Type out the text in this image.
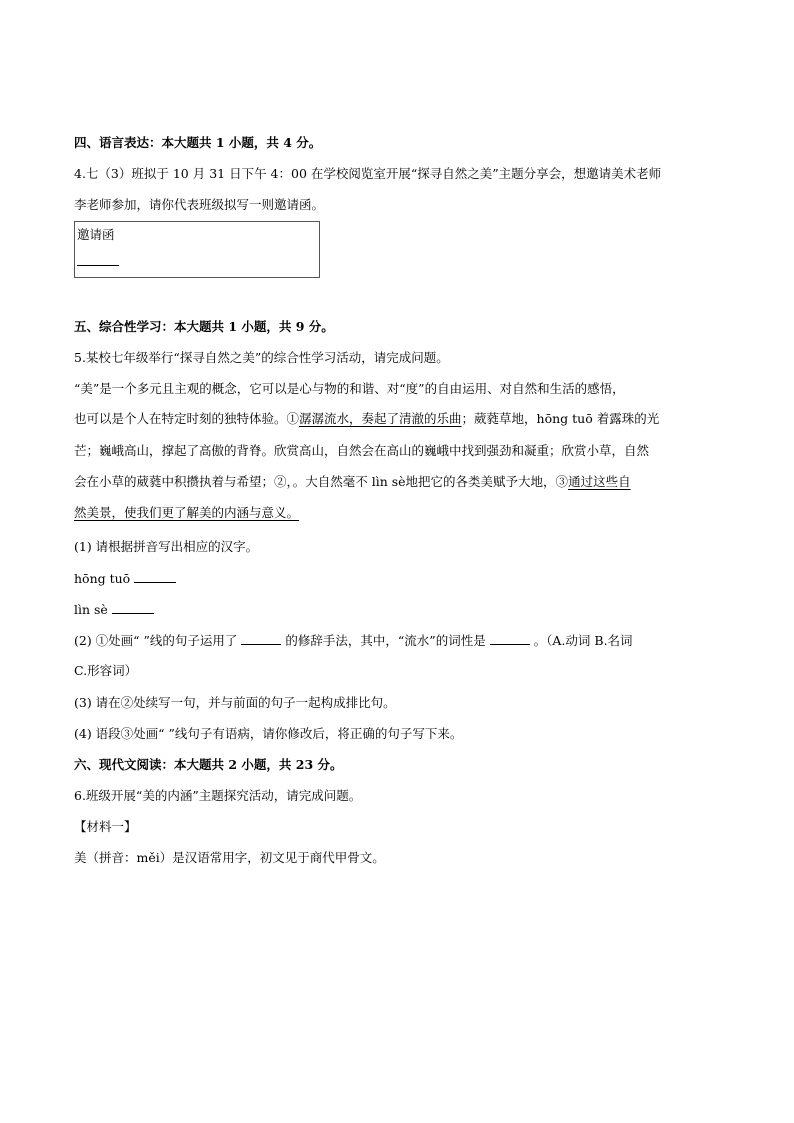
四、语言表达：本大题共 1 小题，共 4 分。
4.七（3）班拟于 10 月 31 日下午 4：00 在学校阅览室开展“探寻自然之美”主题分享会，想邀请美术老师
李老师参加，请你代表班级拟写一则邀请函。
邀请函
五、综合性学习：本大题共 1 小题，共 9 分。
5.某校七年级举行“探寻自然之美”的综合性学习活动，请完成问题。
“美”是一个多元且主观的概念，它可以是心与物的和谐、对“度”的自由运用、对自然和生活的感悟，
也可以是个人在特定时刻的独特体验。①潺潺流水，奏起了清澈的乐曲；葳蕤草地，hōng tuō 着露珠的光
芒；巍峨高山，撑起了高傲的背脊。欣赏高山，自然会在高山的巍峨中找到强劲和凝重；欣赏小草，自然
会在小草的葳蕤中积攒执着与希望；②，。大自然毫不 lìn sè地把它的各类美赋予大地，③通过这些自
然美景，使我们更了解美的内涵与意义。
(1) 请根据拼音写出相应的汉字。
hōng tuō
lìn sè
(2) ①处画“ ”线的句子运用了	的修辞手法，其中，“流水”的词性是	。（A.动词 B.名词
C.形容词）
(3) 请在②处续写一句，并与前面的句子一起构成排比句。
(4) 语段③处画“ ”线句子有语病，请你修改后，将正确的句子写下来。
六、现代文阅读：本大题共 2 小题，共 23 分。
6.班级开展“美的内涵”主题探究活动，请完成问题。
【材料一】
美（拼音：měi）是汉语常用字，初文见于商代甲骨文。
